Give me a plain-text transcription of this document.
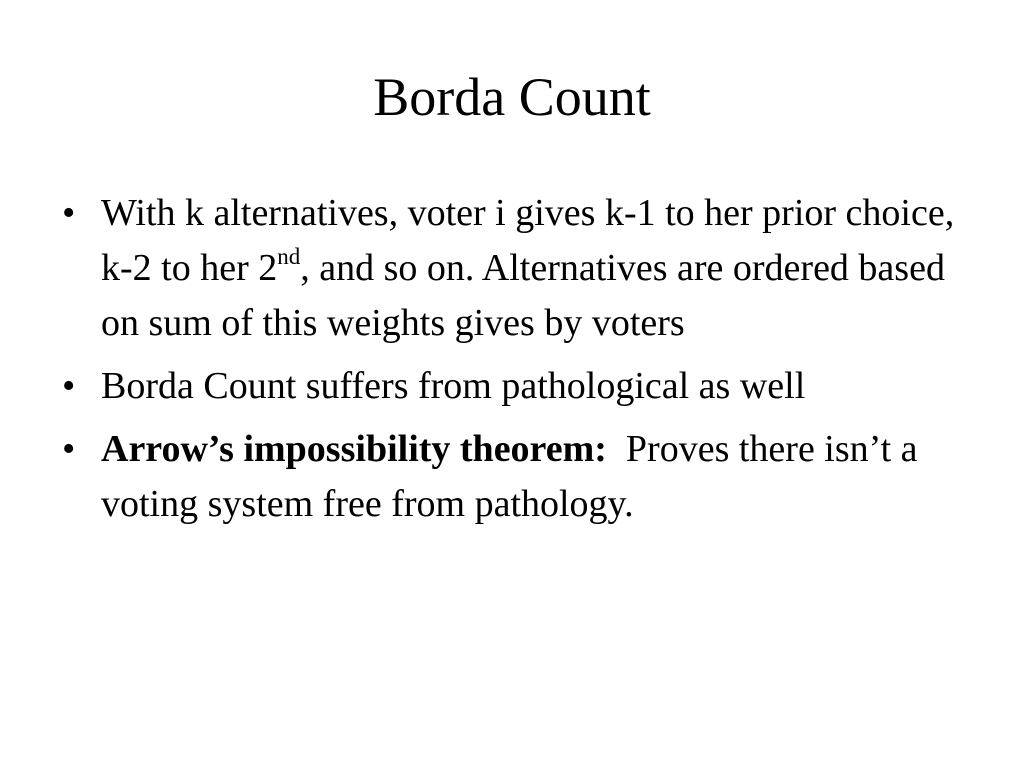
Borda Count
• With k alternatives, voter i gives k-1 to her prior choice, k-2 to her 2nd, and so on. Alternatives are ordered based on sum of this weights gives by voters
• Borda Count suffers from pathological as well
• Arrow’s impossibility theorem:  Proves there isn’t a voting system free from pathology.
